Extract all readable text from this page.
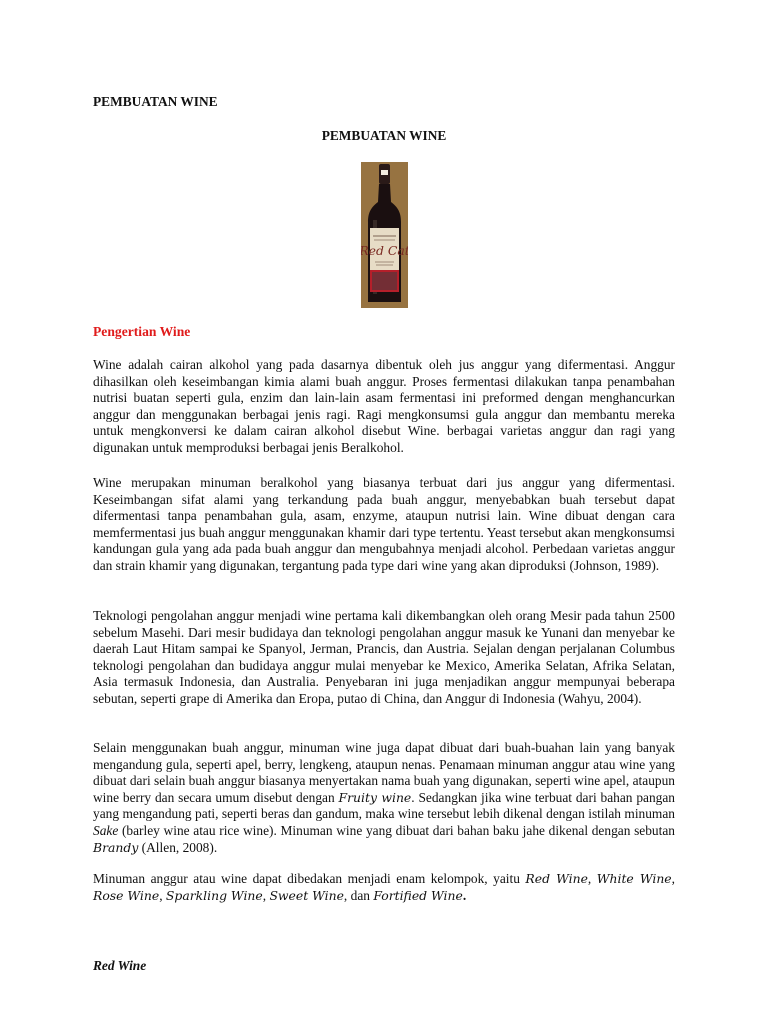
PEMBUATAN WINE
PEMBUATAN WINE
Red Cat
Pengertian Wine

Wine adalah cairan alkohol yang pada dasarnya dibentuk oleh jus anggur yang difermentasi. Anggur dihasilkan oleh keseimbangan kimia alami buah anggur. Proses fermentasi dilakukan tanpa penambahan nutrisi buatan seperti gula, enzim dan lain-lain asam fermentasi ini preformed dengan menghancurkan anggur dan menggunakan berbagai jenis ragi. Ragi mengkonsumsi gula anggur dan membantu mereka untuk mengkonversi ke dalam cairan alkohol disebut Wine. berbagai varietas anggur dan ragi yang digunakan untuk memproduksi berbagai jenis Beralkohol.

Wine merupakan minuman beralkohol yang biasanya terbuat dari jus anggur yang difermentasi. Keseimbangan sifat alami yang terkandung pada buah anggur, menyebabkan buah tersebut dapat difermentasi tanpa penambahan gula, asam, enzyme, ataupun nutrisi lain. Wine dibuat dengan cara memfermentasi jus buah anggur menggunakan khamir dari type tertentu. Yeast tersebut akan mengkonsumsi kandungan gula yang ada pada buah anggur dan mengubahnya menjadi alcohol. Perbedaan varietas anggur dan strain khamir yang digunakan, tergantung pada type dari wine yang akan diproduksi (Johnson, 1989).

Teknologi pengolahan anggur menjadi wine pertama kali dikembangkan oleh orang Mesir pada tahun 2500 sebelum Masehi. Dari mesir budidaya dan teknologi pengolahan anggur masuk ke Yunani dan menyebar ke daerah Laut Hitam sampai ke Spanyol, Jerman, Prancis, dan Austria. Sejalan dengan perjalanan Columbus teknologi pengolahan dan budidaya anggur mulai menyebar ke Mexico, Amerika Selatan, Afrika Selatan, Asia termasuk Indonesia, dan Australia. Penyebaran ini juga menjadikan anggur mempunyai beberapa sebutan, seperti grape di Amerika dan Eropa, putao di China, dan Anggur di Indonesia (Wahyu, 2004).

Selain menggunakan buah anggur, minuman wine juga dapat dibuat dari buah-buahan lain yang banyak mengandung gula, seperti apel, berry, lengkeng, ataupun nenas. Penamaan minuman anggur atau wine yang dibuat dari selain buah anggur biasanya menyertakan nama buah yang digunakan, seperti wine apel, ataupun wine berry dan secara umum disebut dengan Fruity wine. Sedangkan jika wine terbuat dari bahan pangan yang mengandung pati, seperti beras dan gandum, maka wine tersebut lebih dikenal dengan istilah minuman Sake (barley wine atau rice wine). Minuman wine yang dibuat dari bahan baku jahe dikenal dengan sebutan Brandy (Allen, 2008).

Minuman anggur atau wine dapat dibedakan menjadi enam kelompok, yaitu Red Wine, White Wine, Rose Wine, Sparkling Wine, Sweet Wine, dan Fortified Wine.

Red Wine
